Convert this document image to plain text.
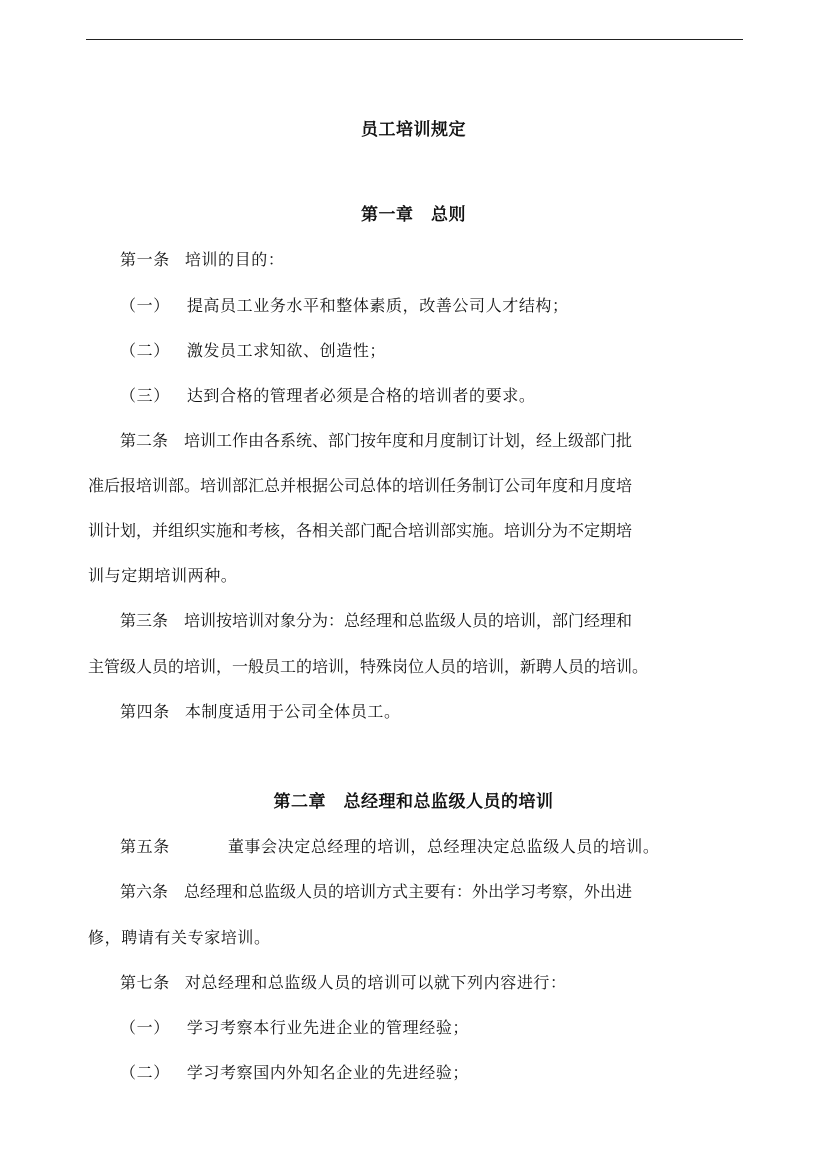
员工培训规定
第一章　总则
第一条 培训的目的：
（一） 提高员工业务水平和整体素质，改善公司人才结构；
（二） 激发员工求知欲、创造性；
（三） 达到合格的管理者必须是合格的培训者的要求。
第二条　培训工作由各系统、部门按年度和月度制订计划，经上级部门批
准后报培训部。培训部汇总并根据公司总体的培训任务制订公司年度和月度培
训计划，并组织实施和考核，各相关部门配合培训部实施。培训分为不定期培
训与定期培训两种。
第三条　培训按培训对象分为：总经理和总监级人员的培训，部门经理和
主管级人员的培训，一般员工的培训，特殊岗位人员的培训，新聘人员的培训。
第四条 本制度适用于公司全体员工。
第二章　总经理和总监级人员的培训
第五条	董事会决定总经理的培训，总经理决定总监级人员的培训。
第六条　总经理和总监级人员的培训方式主要有：外出学习考察，外出进
修，聘请有关专家培训。
第七条 对总经理和总监级人员的培训可以就下列内容进行：
（一） 学习考察本行业先进企业的管理经验；
（二） 学习考察国内外知名企业的先进经验；
